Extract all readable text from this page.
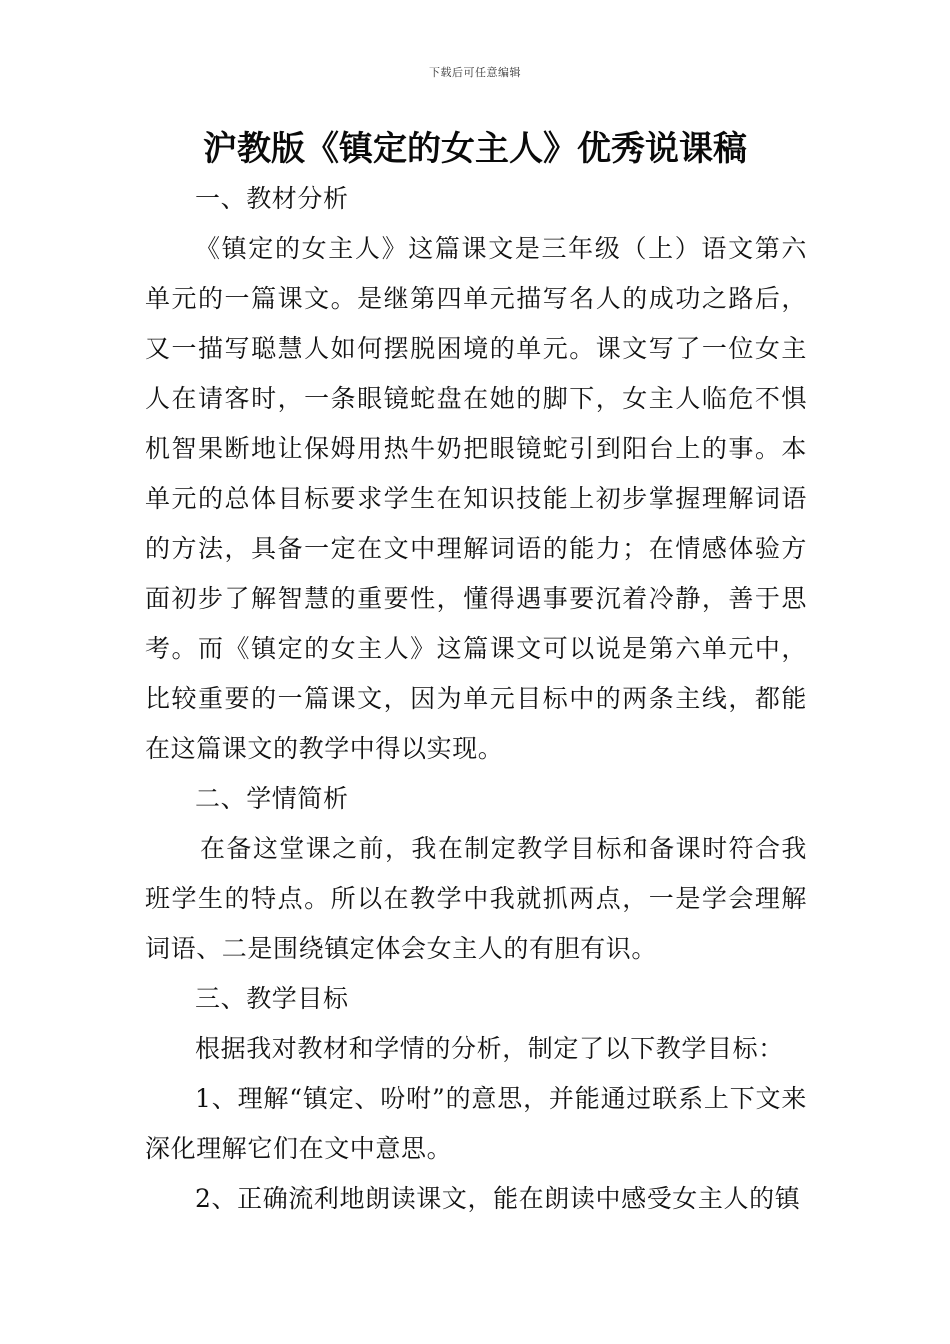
下载后可任意编辑
沪教版《镇定的女主人》优秀说课稿

一、教材分析

《镇定的女主人》这篇课文是三年级（上）语文第六单元的一篇课文。是继第四单元描写名人的成功之路后，又一描写聪慧人如何摆脱困境的单元。课文写了一位女主人在请客时，一条眼镜蛇盘在她的脚下，女主人临危不惧机智果断地让保姆用热牛奶把眼镜蛇引到阳台上的事。本单元的总体目标要求学生在知识技能上初步掌握理解词语的方法，具备一定在文中理解词语的能力；在情感体验方面初步了解智慧的重要性，懂得遇事要沉着冷静，善于思考。而《镇定的女主人》这篇课文可以说是第六单元中，比较重要的一篇课文，因为单元目标中的两条主线，都能在这篇课文的教学中得以实现。

二、学情简析

在备这堂课之前，我在制定教学目标和备课时符合我班学生的特点。所以在教学中我就抓两点，一是学会理解词语、二是围绕镇定体会女主人的有胆有识。

三、教学目标

根据我对教材和学情的分析，制定了以下教学目标：

1、理解“镇定、吩咐”的意思，并能通过联系上下文来深化理解它们在文中意思。

2、正确流利地朗读课文，能在朗读中感受女主人的镇
